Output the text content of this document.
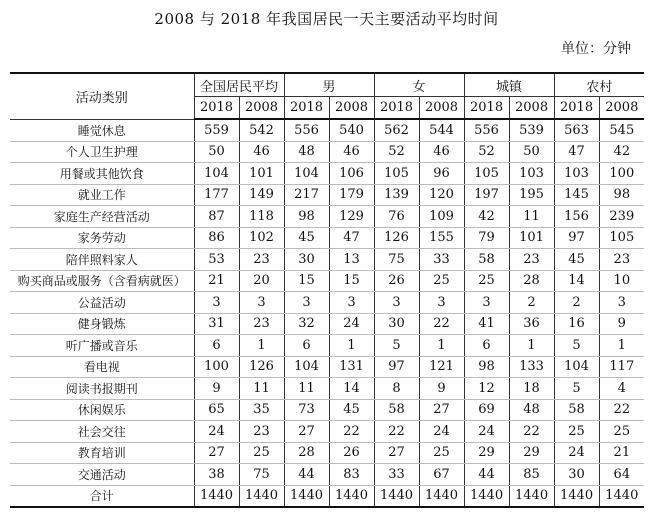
2008 与 2018 年我国居民一天主要活动平均时间
单位：分钟
活动类别	全国居民平均		男		女		城镇		农村	
	2018	2008	2018	2008	2018	2008	2018	2008	2018	2008
睡觉休息	559	542	556	540	562	544	556	539	563	545
个人卫生护理	50	46	48	46	52	46	52	50	47	42
用餐或其他饮食	104	101	104	106	105	96	105	103	103	100
就业工作	177	149	217	179	139	120	197	195	145	98
家庭生产经营活动	87	118	98	129	76	109	42	11	156	239
家务劳动	86	102	45	47	126	155	79	101	97	105
陪伴照料家人	53	23	30	13	75	33	58	23	45	23
购买商品或服务（含看病就医）	21	20	15	15	26	25	25	28	14	10
公益活动	3	3	3	3	3	3	3	2	2	3
健身锻炼	31	23	32	24	30	22	41	36	16	9
听广播或音乐	6	1	6	1	5	1	6	1	5	1
看电视	100	126	104	131	97	121	98	133	104	117
阅读书报期刊	9	11	11	14	8	9	12	18	5	4
休闲娱乐	65	35	73	45	58	27	69	48	58	22
社会交往	24	23	27	22	22	24	24	22	25	25
教育培训	27	25	28	26	27	25	29	29	24	21
交通活动	38	75	44	83	33	67	44	85	30	64
合计	1440	1440	1440	1440	1440	1440	1440	1440	1440	1440
